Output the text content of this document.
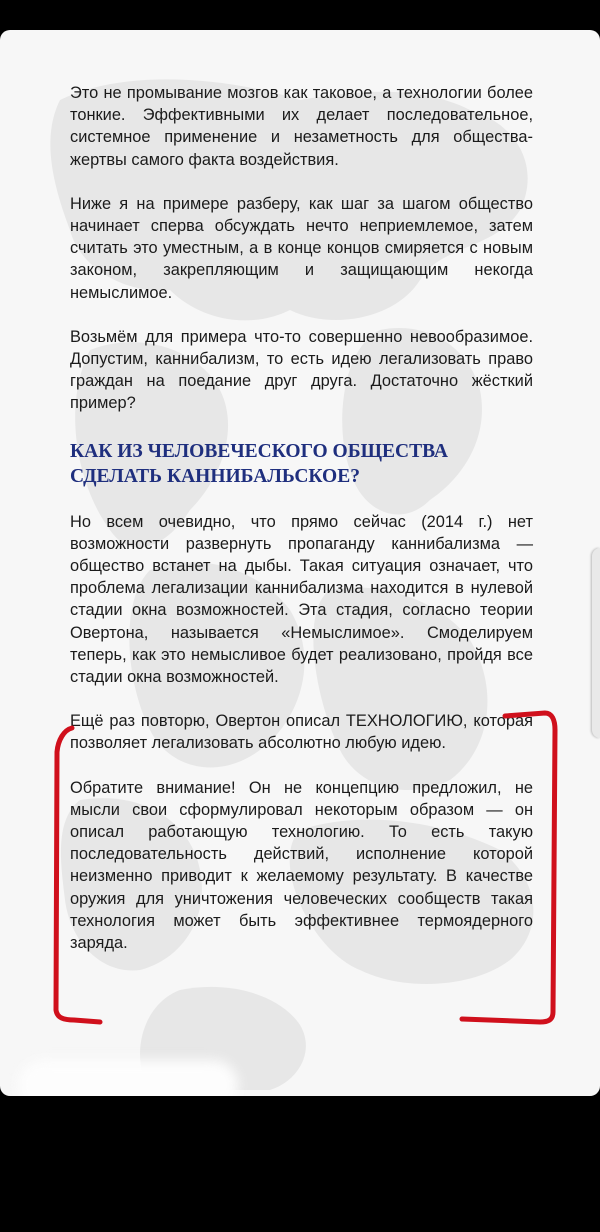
Это не промывание мозгов как таковое, а технологии более тонкие. Эффективными их делает последовательное, системное применение и незаметность для общества-жертвы самого факта воздействия.

Ниже я на примере разберу, как шаг за шагом общество начинает сперва обсуждать нечто неприемлемое, затем считать это уместным, а в конце концов смиряется с новым законом, закрепляющим и защищающим некогда немыслимое.

Возьмём для примера что-то совершенно невообразимое. Допустим, каннибализм, то есть идею легализовать право граждан на поедание друг друга. Достаточно жёсткий пример?

КАК ИЗ ЧЕЛОВЕЧЕСКОГО ОБЩЕСТВА
СДЕЛАТЬ КАННИБАЛЬСКОЕ?

Но всем очевидно, что прямо сейчас (2014 г.) нет возможности развернуть пропаганду каннибализма — общество встанет на дыбы. Такая ситуация означает, что проблема легализации каннибализма находится в нулевой стадии окна возможностей. Эта стадия, согласно теории Овертона, называется «Немыслимое». Смоделируем теперь, как это немысливое будет реализовано, пройдя все стадии окна возможностей.

Ещё раз повторю, Овертон описал ТЕХНОЛОГИЮ, которая позволяет легализовать абсолютно любую идею.

Обратите внимание! Он не концепцию предложил, не мысли свои сформулировал некоторым образом — он описал работающую технологию. То есть такую последовательность действий, исполнение которой неизменно приводит к желаемому результату. В качестве оружия для уничтожения человеческих сообществ такая технология может быть эффективнее термоядерного заряда.
